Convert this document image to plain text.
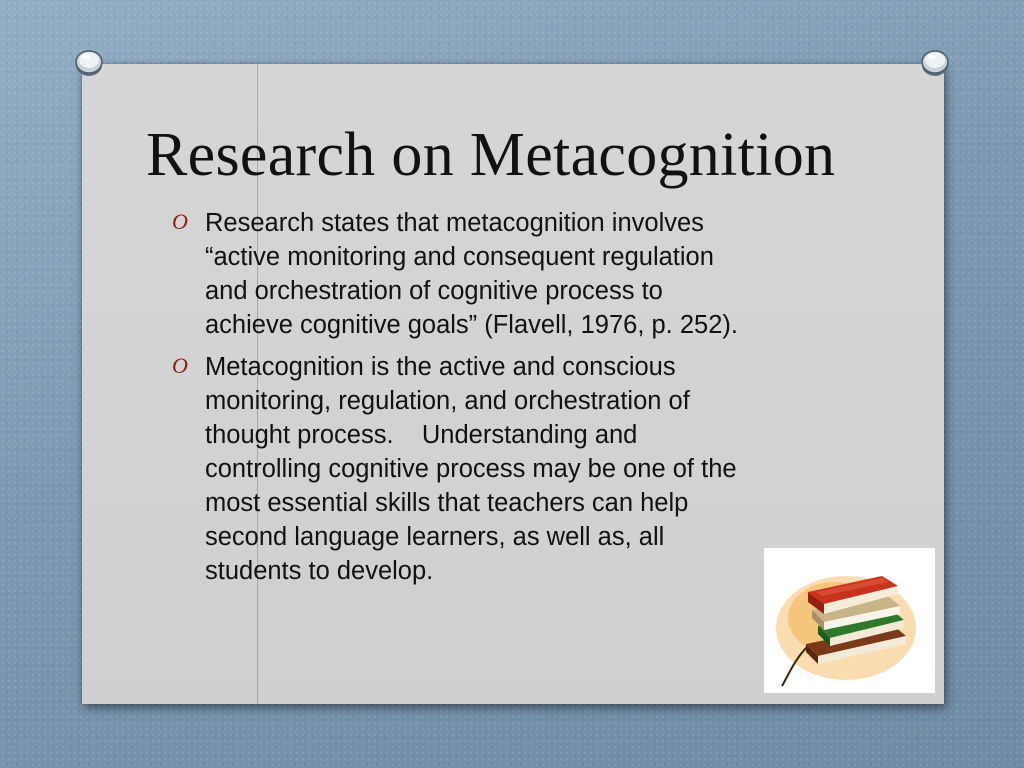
Research on Metacognition
O Research states that metacognition involves
“active monitoring and consequent regulation
and orchestration of cognitive process to
achieve cognitive goals” (Flavell, 1976, p. 252).
O Metacognition is the active and conscious
monitoring, regulation, and orchestration of
thought process.    Understanding and
controlling cognitive process may be one of the
most essential skills that teachers can help
second language learners, as well as, all
students to develop.
